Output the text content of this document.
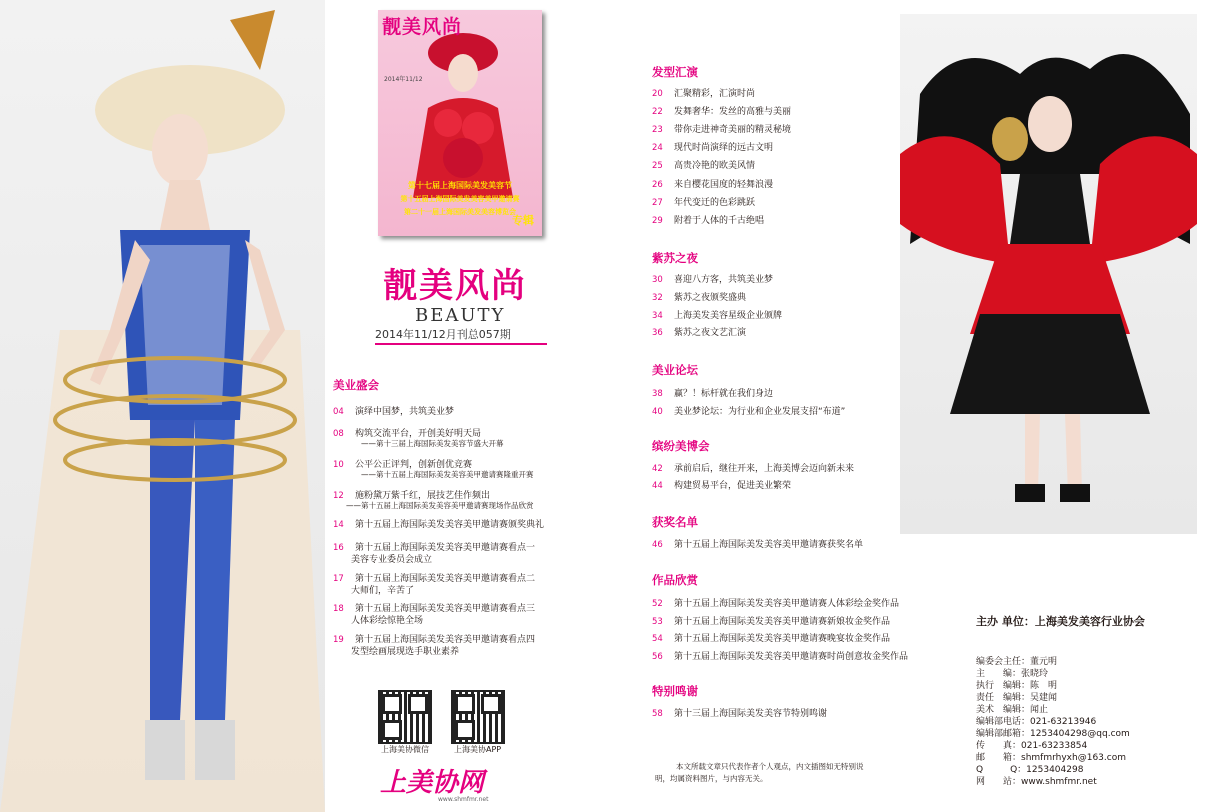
靓美风尚
2014年11/12
第十七届上海国际美发美容节
第十五届上海国际美发美容美甲邀请赛
第二十一届上海国际美发美容博览会
专辑
靓美风尚
BEAUTY
2014年11/12月刊总057期
美业盛会
04 演绎中国梦，共筑美业梦
08 构筑交流平台，开创美好明天局
——第十三届上海国际美发美容节盛大开幕
10 公平公正评判，创新创优竞赛
——第十五届上海国际美发美容美甲邀请赛隆重开赛
12 施粉黛万紫千红，展技艺佳作频出
——第十五届上海国际美发美容美甲邀请赛现场作品欣赏
14 第十五届上海国际美发美容美甲邀请赛颁奖典礼
16 第十五届上海国际美发美容美甲邀请赛看点一
美容专业委员会成立
17 第十五届上海国际美发美容美甲邀请赛看点二
大师们，辛苦了
18 第十五届上海国际美发美容美甲邀请赛看点三
人体彩绘惊艳全场
19 第十五届上海国际美发美容美甲邀请赛看点四
发型绘画展现选手职业素养
上海美协微信	上海美协APP
上美协网
www.shmfmr.net
发型汇演
20 汇聚精彩，汇演时尚
22 发舞奢华：发丝的高雅与美丽
23 带你走进神奇美丽的精灵秘境
24 现代时尚演绎的远古文明
25 高贵冷艳的欧美风情
26 来自樱花国度的轻舞浪漫
27 年代变迁的色彩跳跃
29 附着于人体的千古绝唱
紫苏之夜
30 喜迎八方客，共筑美业梦
32 紫苏之夜颁奖盛典
34 上海美发美容星级企业颁牌
36 紫苏之夜文艺汇演
美业论坛
38 赢？！标杆就在我们身边
40 美业梦论坛：为行业和企业发展支招“布道”
缤纷美博会
42 承前启后，继往开来，上海美博会迈向新未来
44 构建贸易平台，促进美业繁荣
获奖名单
46 第十五届上海国际美发美容美甲邀请赛获奖名单
作品欣赏
52 第十五届上海国际美发美容美甲邀请赛人体彩绘金奖作品
53 第十五届上海国际美发美容美甲邀请赛新娘妆金奖作品
54 第十五届上海国际美发美容美甲邀请赛晚宴妆金奖作品
56 第十五届上海国际美发美容美甲邀请赛时尚创意妆金奖作品
特别鸣谢
58 第十三届上海国际美发美容节特别鸣谢
本文所载文章只代表作者个人观点，内文插图如无特别说
明，均属资料图片，与内容无关。
主办 单位：上海美发美容行业协会
编委会主任：董元明
主　　编：张晓玲
执行　编辑：陈　明
责任　编辑：吴建闻
美术　编辑：闻止
编辑部电话：021-63213946
编辑部邮箱：1253404298@qq.com
传　　真：021-63233854
邮　　箱：shmfmrhyxh@163.com
Q　　　Q：1253404298
网　　站：www.shmfmr.net
